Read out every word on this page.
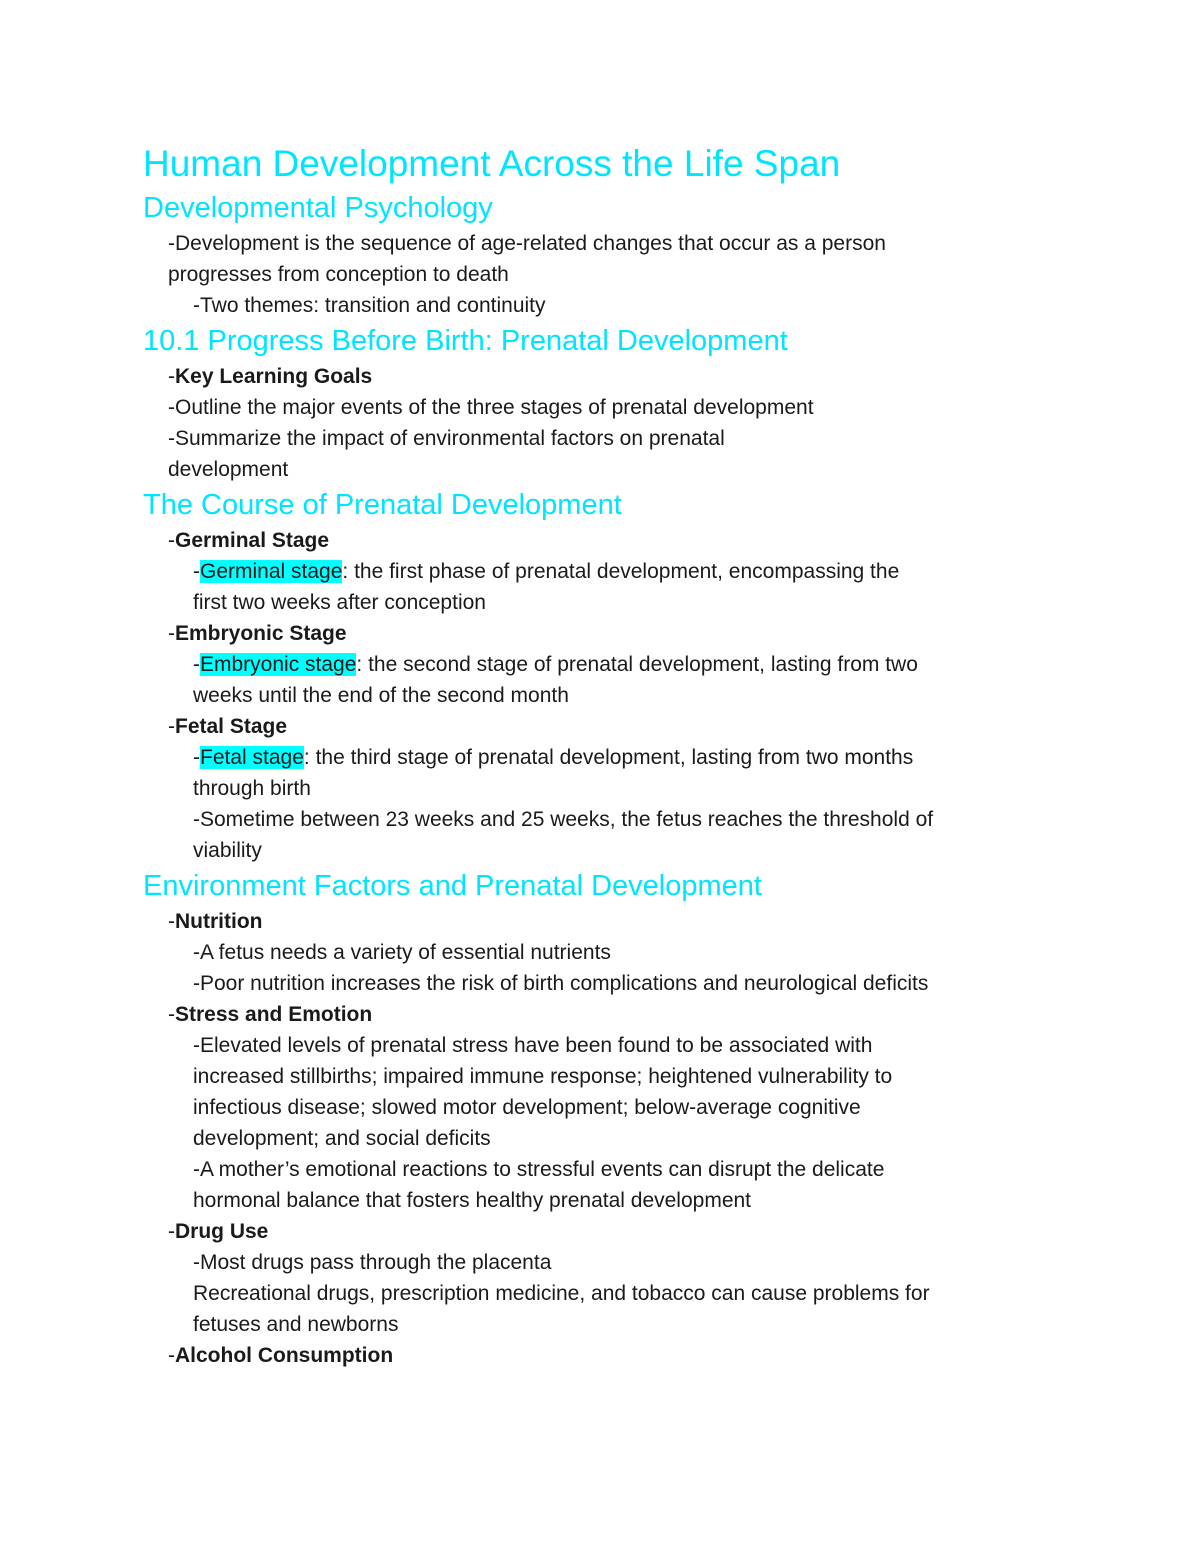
Human Development Across the Life Span
Developmental Psychology

-Development is the sequence of age-related changes that occur as a person

progresses from conception to death

-Two themes: transition and continuity

10.1 Progress Before Birth: Prenatal Development

-Key Learning Goals

-Outline the major events of the three stages of prenatal development

-Summarize the impact of environmental factors on prenatal

development

The Course of Prenatal Development

-Germinal Stage

-Germinal stage: the first phase of prenatal development, encompassing the

first two weeks after conception

-Embryonic Stage

-Embryonic stage: the second stage of prenatal development, lasting from two

weeks until the end of the second month

-Fetal Stage

-Fetal stage: the third stage of prenatal development, lasting from two months

through birth

-Sometime between 23 weeks and 25 weeks, the fetus reaches the threshold of

viability

Environment Factors and Prenatal Development

-Nutrition

-A fetus needs a variety of essential nutrients

-Poor nutrition increases the risk of birth complications and neurological deficits

-Stress and Emotion

-Elevated levels of prenatal stress have been found to be associated with

increased stillbirths; impaired immune response; heightened vulnerability to

infectious disease; slowed motor development; below-average cognitive

development; and social deficits

-A mother’s emotional reactions to stressful events can disrupt the delicate

hormonal balance that fosters healthy prenatal development

-Drug Use

-Most drugs pass through the placenta

Recreational drugs, prescription medicine, and tobacco can cause problems for

fetuses and newborns

-Alcohol Consumption
